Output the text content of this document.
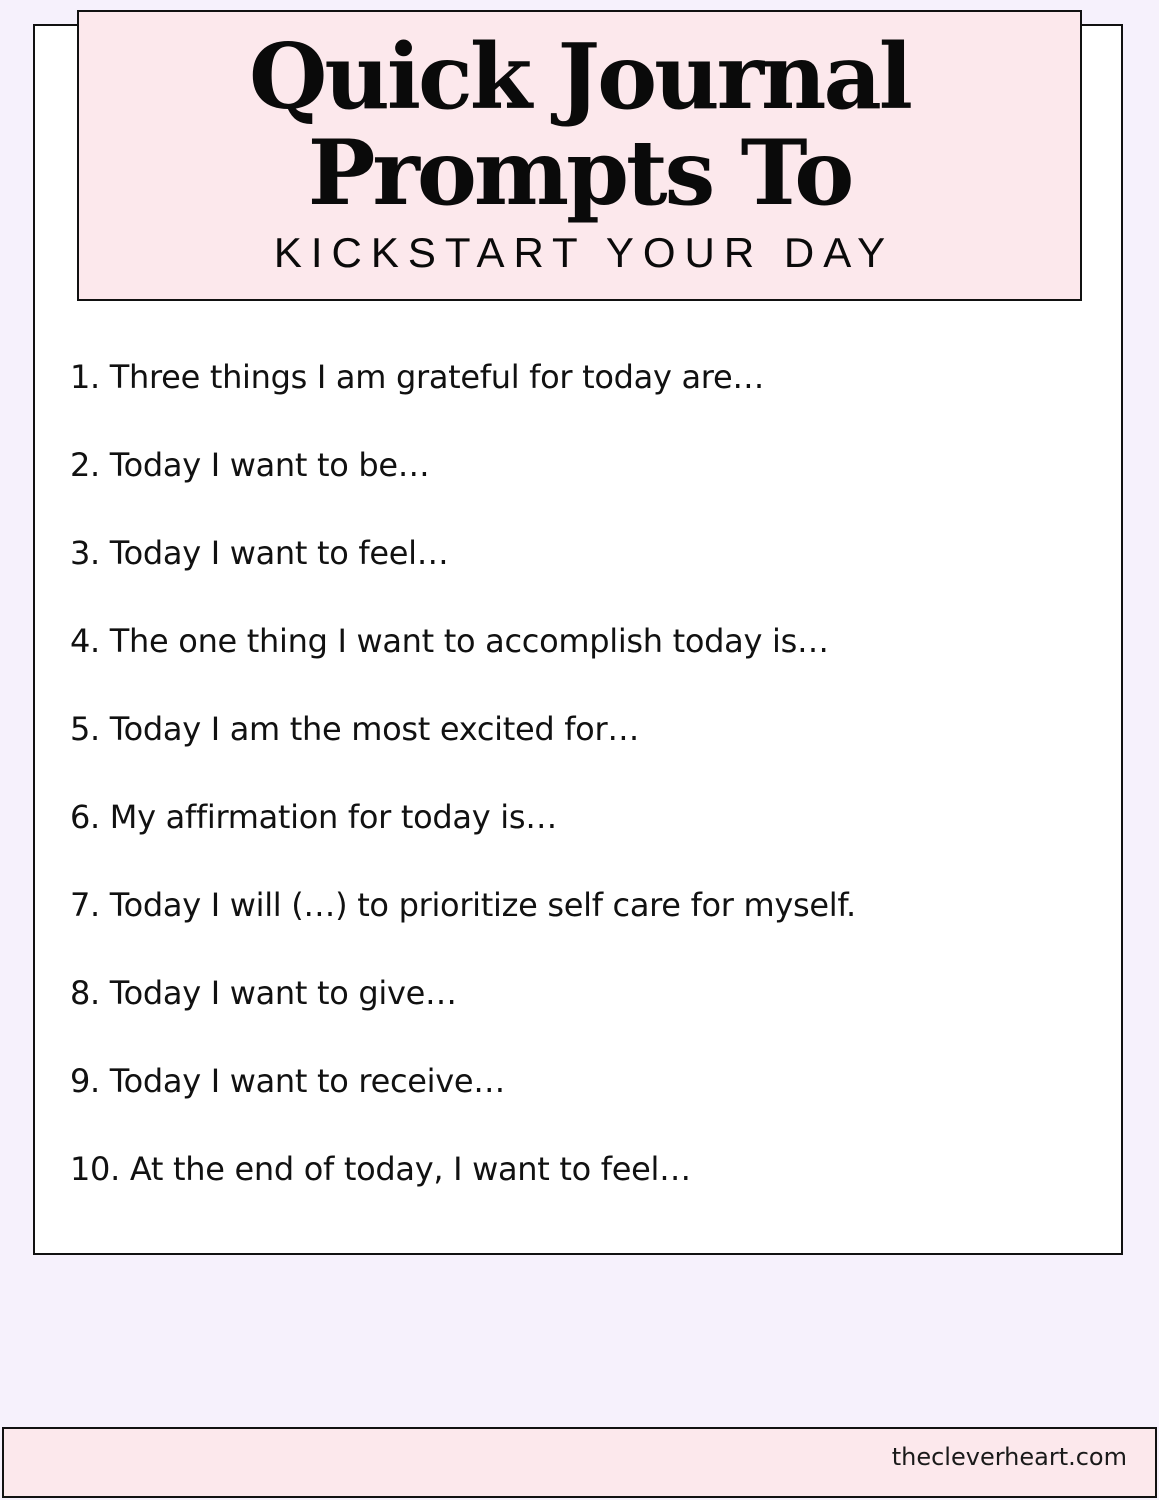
Quick Journal
Prompts To
KICKSTART YOUR DAY
1. Three things I am grateful for today are…
2. Today I want to be…
3. Today I want to feel…
4. The one thing I want to accomplish today is…
5. Today I am the most excited for…
6. My affirmation for today is…
7. Today I will (…) to prioritize self care for myself.
8. Today I want to give…
9. Today I want to receive…
10. At the end of today, I want to feel…
thecleverheart.com
